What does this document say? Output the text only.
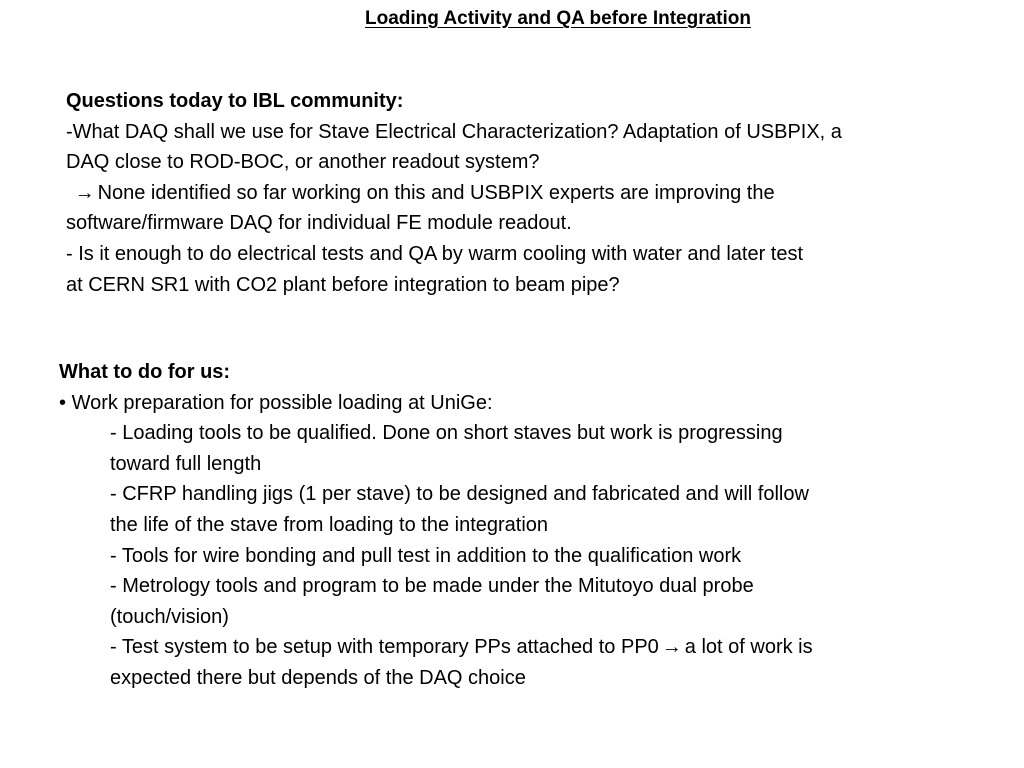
Loading Activity and QA before Integration
Questions today to IBL community:
-What DAQ shall we use for Stave Electrical Characterization? Adaptation of USBPIX, a
DAQ close to ROD-BOC, or another readout system?
→ None identified so far working on this and USBPIX experts are improving the
software/firmware DAQ for individual FE module readout.
- Is it enough to do electrical tests and QA by warm cooling with water and later test
at CERN SR1 with CO2 plant before integration to beam pipe?
What to do for us:
• Work preparation for possible loading at UniGe:
- Loading tools to be qualified. Done on short staves but work is progressing
toward full length
- CFRP handling jigs (1 per stave) to be designed and fabricated and will follow
the life of the stave from loading to the integration
- Tools for wire bonding and pull test in addition to the qualification work
- Metrology tools and program to be made under the Mitutoyo dual probe
(touch/vision)
- Test system to be setup with temporary PPs attached to PP0 → a lot of work is
expected there but depends of the DAQ choice
